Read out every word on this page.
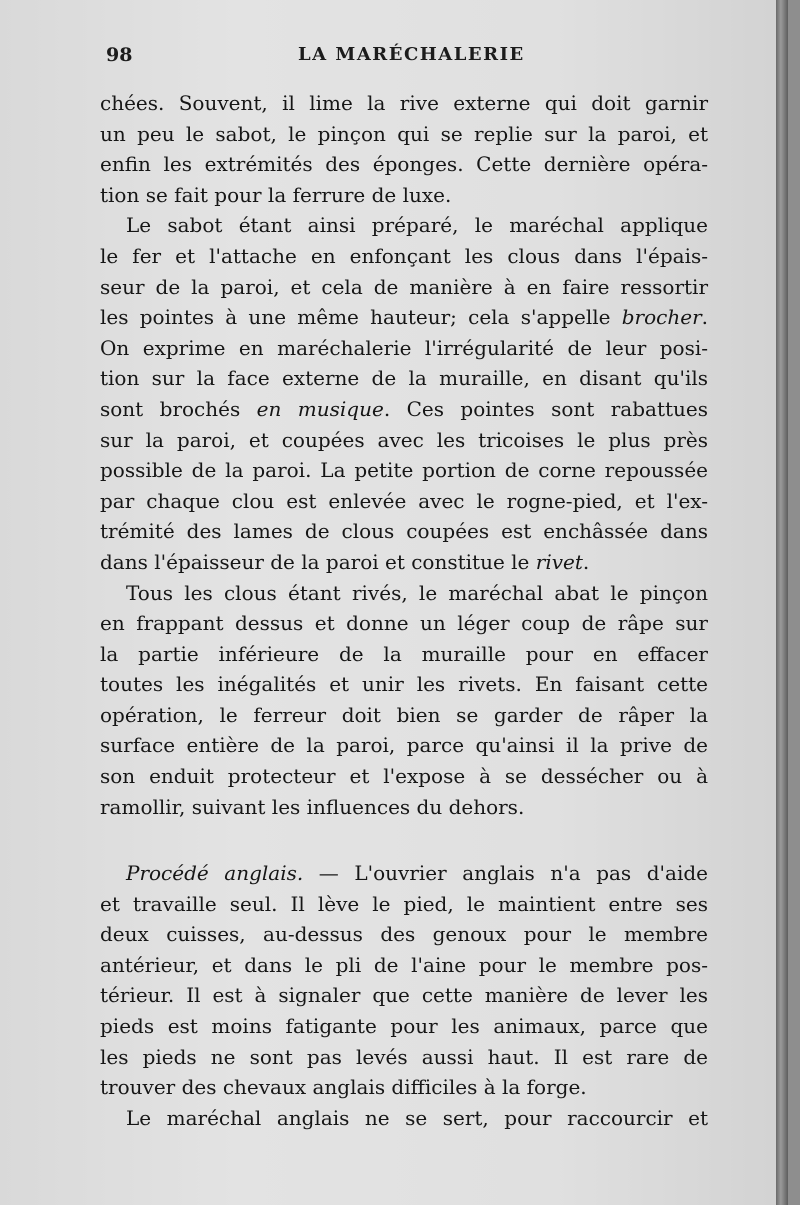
98	LA MARÉCHALERIE
chées. Souvent, il lime la rive externe qui doit garnir
un peu le sabot, le pinçon qui se replie sur la paroi, et
enfin les extrémités des éponges. Cette dernière opéra-
tion se fait pour la ferrure de luxe.
Le sabot étant ainsi préparé, le maréchal applique
le fer et l'attache en enfonçant les clous dans l'épais-
seur de la paroi, et cela de manière à en faire ressortir
les pointes à une même hauteur; cela s'appelle brocher.
On exprime en maréchalerie l'irrégularité de leur posi-
tion sur la face externe de la muraille, en disant qu'ils
sont brochés en musique. Ces pointes sont rabattues
sur la paroi, et coupées avec les tricoises le plus près
possible de la paroi. La petite portion de corne repoussée
par chaque clou est enlevée avec le rogne-pied, et l'ex-
trémité des lames de clous coupées est enchâssée dans
dans l'épaisseur de la paroi et constitue le rivet.
Tous les clous étant rivés, le maréchal abat le pinçon
en frappant dessus et donne un léger coup de râpe sur
la partie inférieure de la muraille pour en effacer
toutes les inégalités et unir les rivets. En faisant cette
opération, le ferreur doit bien se garder de râper la
surface entière de la paroi, parce qu'ainsi il la prive de
son enduit protecteur et l'expose à se dessécher ou à
ramollir, suivant les influences du dehors.
Procédé anglais. — L'ouvrier anglais n'a pas d'aide
et travaille seul. Il lève le pied, le maintient entre ses
deux cuisses, au-dessus des genoux pour le membre
antérieur, et dans le pli de l'aine pour le membre pos-
térieur. Il est à signaler que cette manière de lever les
pieds est moins fatigante pour les animaux, parce que
les pieds ne sont pas levés aussi haut. Il est rare de
trouver des chevaux anglais difficiles à la forge.
Le maréchal anglais ne se sert, pour raccourcir et
